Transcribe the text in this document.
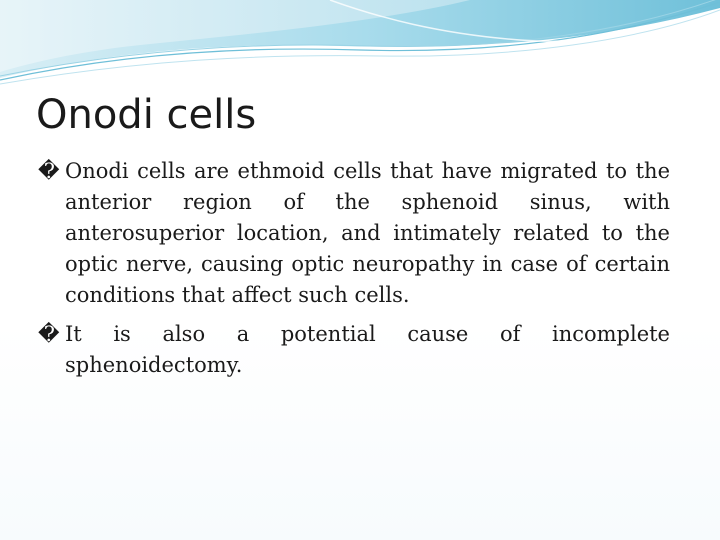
Onodi cells

� Onodi cells are ethmoid cells that have migrated to the anterior region of the sphenoid sinus, with anterosuperior location, and intimately related to the optic nerve, causing optic neuropathy in case of certain conditions that affect such cells.

� It is also a potential cause of incomplete sphenoidectomy.
